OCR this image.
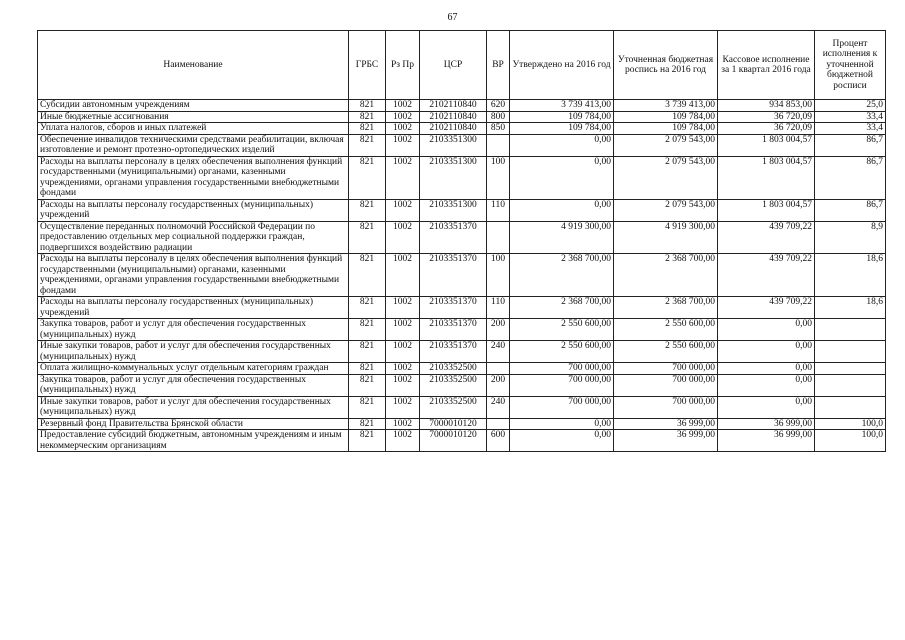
67
Наименование	ГРБС	Рз Пр	ЦСР	ВР	Утверждено на 2016 год	Уточненная бюджетная роспись на 2016 год	Кассовое исполнение за 1 квартал 2016 года	Процент исполнения к уточненной бюджетной росписи
Субсидии автономным учреждениям	821	1002	2102110840	620	3 739 413,00	3 739 413,00	934 853,00	25,0
Иные бюджетные ассигнования	821	1002	2102110840	800	109 784,00	109 784,00	36 720,09	33,4
Уплата налогов, сборов и иных платежей	821	1002	2102110840	850	109 784,00	109 784,00	36 720,09	33,4
Обеспечение инвалидов техническими средствами реабилитации, включая изготовление и ремонт протезно-ортопедических изделий	821	1002	2103351300		0,00	2 079 543,00	1 803 004,57	86,7
Расходы на выплаты персоналу в целях обеспечения выполнения функций государственными (муниципальными) органами, казенными учреждениями, органами управления государственными внебюджетными фондами	821	1002	2103351300	100	0,00	2 079 543,00	1 803 004,57	86,7
Расходы на выплаты персоналу государственных (муниципальных) учреждений	821	1002	2103351300	110	0,00	2 079 543,00	1 803 004,57	86,7
Осуществление переданных полномочий Российской Федерации по предоставлению отдельных мер социальной поддержки граждан, подвергшихся воздействию радиации	821	1002	2103351370		4 919 300,00	4 919 300,00	439 709,22	8,9
Расходы на выплаты персоналу в целях обеспечения выполнения функций государственными (муниципальными) органами, казенными учреждениями, органами управления государственными внебюджетными фондами	821	1002	2103351370	100	2 368 700,00	2 368 700,00	439 709,22	18,6
Расходы на выплаты персоналу государственных (муниципальных) учреждений	821	1002	2103351370	110	2 368 700,00	2 368 700,00	439 709,22	18,6
Закупка товаров, работ и услуг для обеспечения государственных (муниципальных) нужд	821	1002	2103351370	200	2 550 600,00	2 550 600,00	0,00	
Иные закупки товаров, работ и услуг для обеспечения государственных (муниципальных) нужд	821	1002	2103351370	240	2 550 600,00	2 550 600,00	0,00	
Оплата жилищно-коммунальных услуг отдельным категориям граждан	821	1002	2103352500		700 000,00	700 000,00	0,00	
Закупка товаров, работ и услуг для обеспечения государственных (муниципальных) нужд	821	1002	2103352500	200	700 000,00	700 000,00	0,00	
Иные закупки товаров, работ и услуг для обеспечения государственных (муниципальных) нужд	821	1002	2103352500	240	700 000,00	700 000,00	0,00	
Резервный фонд Правительства Брянской области	821	1002	7000010120		0,00	36 999,00	36 999,00	100,0
Предоставление субсидий бюджетным, автономным учреждениям и иным некоммерческим организациям	821	1002	7000010120	600	0,00	36 999,00	36 999,00	100,0
